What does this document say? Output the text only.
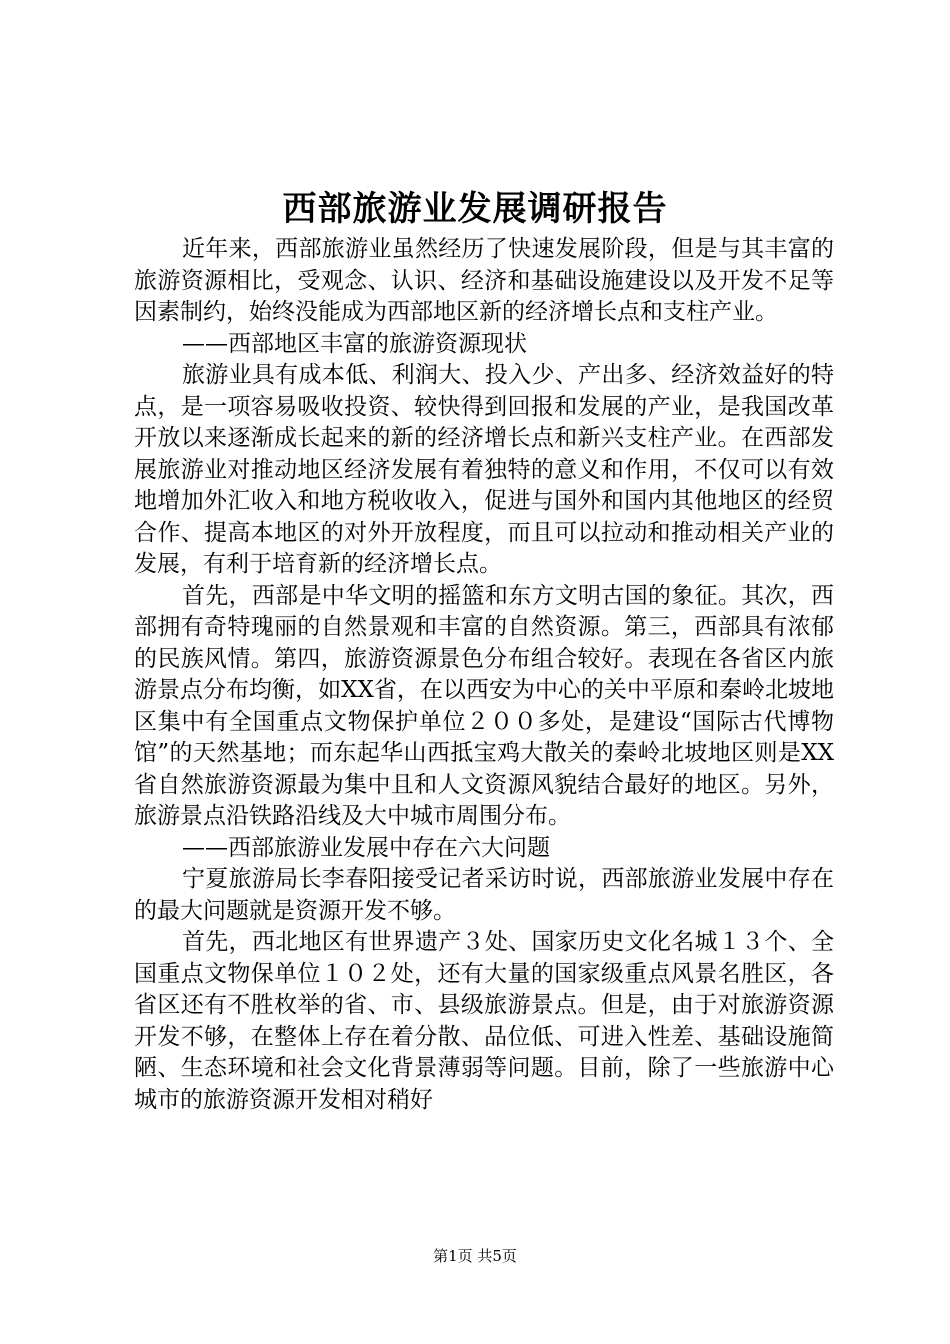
西部旅游业发展调研报告

近年来，西部旅游业虽然经历了快速发展阶段，但是与其丰富的旅游资源相比，受观念、认识、经济和基础设施建设以及开发不足等因素制约，始终没能成为西部地区新的经济增长点和支柱产业。

——西部地区丰富的旅游资源现状

旅游业具有成本低、利润大、投入少、产出多、经济效益好的特点，是一项容易吸收投资、较快得到回报和发展的产业，是我国改革开放以来逐渐成长起来的新的经济增长点和新兴支柱产业。在西部发展旅游业对推动地区经济发展有着独特的意义和作用，不仅可以有效地增加外汇收入和地方税收收入，促进与国外和国内其他地区的经贸合作、提高本地区的对外开放程度，而且可以拉动和推动相关产业的发展，有利于培育新的经济增长点。

首先，西部是中华文明的摇篮和东方文明古国的象征。其次，西部拥有奇特瑰丽的自然景观和丰富的自然资源。第三，西部具有浓郁的民族风情。第四，旅游资源景色分布组合较好。表现在各省区内旅游景点分布均衡，如XX省，在以西安为中心的关中平原和秦岭北坡地区集中有全国重点文物保护单位２００多处，是建设“国际古代博物馆”的天然基地；而东起华山西抵宝鸡大散关的秦岭北坡地区则是XX省自然旅游资源最为集中且和人文资源风貌结合最好的地区。另外，旅游景点沿铁路沿线及大中城市周围分布。

——西部旅游业发展中存在六大问题

宁夏旅游局长李春阳接受记者采访时说，西部旅游业发展中存在的最大问题就是资源开发不够。

首先，西北地区有世界遗产３处、国家历史文化名城１３个、全国重点文物保单位１０２处，还有大量的国家级重点风景名胜区，各省区还有不胜枚举的省、市、县级旅游景点。但是，由于对旅游资源开发不够，在整体上存在着分散、品位低、可进入性差、基础设施简陋、生态环境和社会文化背景薄弱等问题。目前，除了一些旅游中心城市的旅游资源开发相对稍好

第1页 共5页
